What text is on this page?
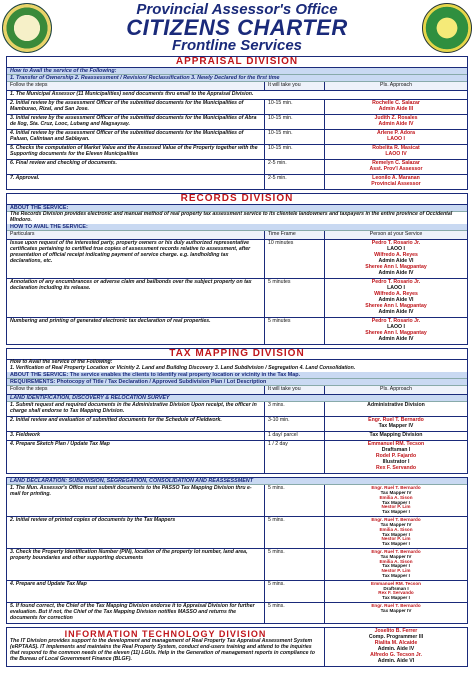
Provincial Assessor's Office
CITIZENS CHARTER
Frontline Services
APPRAISAL DIVISION
How to Avail the service of the Following:
1. Transfer of Ownership 2. Reassessment / Revision/ Reclassification 3. Newly Declared for the first time
Follow the steps	It will take you	Pls. Approach
1. The Municipal Assessor (11 Municipalities) send documents thru email to the Appraisal Division.
2. Initial review by the assessment Officer of the submitted documents for the Municipalities of Mamburao, Rizal, and San Jose.
10-15 min.	Rochelle C. Salazar
Admin Aide III
3. Initial review by the assessment Officer of the submitted documents for the Municipalities of Abra de Ilog, Sta. Cruz, Looc, Lubang and Magsaysay.
10-15 min.	Judith Z. Rosales
Admin Aide IV
4. Initial review by the assessment Officer of the submitted documents for the Municipalities of Paluan, Calintaan and Sablayan.
10-15 min.	Arlene P. Adora
LAOO I
5. Checks the computation of Market Value and the Assessed Value of the Property together with the Supporting documents for the Eleven Municipalities
10-15 min.	Robelita R. Masicat
LAOO IV
6. Final review and checking of documents.	2-5 min.	Remelyn C. Salazar
Asst. Prov'l Assessor
7. Approval.	2-5 min.	Leonilo A. Maranan
Provincial Assessor
RECORDS DIVISION
ABOUT THE SERVICE:
The Records Division provides electronic and manual method of real property tax assessment service to its clientele landowners and taxpayers in the entire province of Occidental Mindoro.
HOW TO AVAIL THE SERVICE:
Particulars	Time Frame	Person at your Service
Issue upon request of the interested party, property owners or his duly authorized representative certificates pertaining to certified true copies of assessment records relative to assessment, after presentation of official receipt indicating payment of service charge. e.g. landholding tax declarations, etc.
10 minutes	Pedro T. Rosario Jr.
LAOO I
Wilfredo A. Reyes
Admin Aide VI
Sheree Ann I. Magpantay
Admin Aide IV
Annotation of any encumbrances or adverse claim and bailbonds over the subject property on tax declaration including its release.
5 minutes	Pedro T. Rosario Jr.
LAOO I
Wilfredo A. Reyes
Admin Aide VI
Sheree Ann I. Magpantay
Admin Aide IV
Numbering and printing of generated electronic tax declaration of real properties.	5 minutes	Pedro T. Rosario Jr.
LAOO I
Sheree Ann I. Magpantay
Admin Aide IV
TAX MAPPING DIVISION
How to Avail the service of the Following:
1. Verification of Real Property Location or Vicinity 2. Land and Building Discovery 3. Land Subdivision / Segregation 4. Land Consolidation.
ABOUT THE SERVICE: The service enables the clients to identify real property location or vicinity in the Tax Map.
REQUIREMENTS: Photocopy of Title / Tax Declaration / Approved Subdivision Plan / Lot Description
Follow the steps	It will take you	Pls. Approach
LAND IDENTIFICATION, DISCOVERY & RELOCATION SURVEY
1. Submit request and required documents in the Administrative Division Upon receipt, the officer in charge shall endorse to Tax Mapping Division.
3 mins.	Administrative Division
2. Initial review and evaluation of submitted documents for the Schedule of Fieldwork.	3-10 min.	Engr. Ruel T. Bernardo
Tax Mapper IV
3. Fieldwork	1 day/ parcel	Tax Mapping Division
4. Prepare Sketch Plan / Update Tax Map	1 / 2 day	Emmanuel RM. Tecson
Draftsman I
Rodel P. Fajardo
Illustrator I
Rex F. Servando
LAND DECLARATION: SUBDIVISION, SEGREGATION, CONSOLIDATION AND REASSESSMENT
1. The Mun. Assessor's Office must submit documents to the PASSO Tax Mapping Division thru e-mail for printing.
5 mins.	Engr. Ruel T. Bernardo
Tax Mapper IV
Emilia A. Sison
Tax Mapper I
Nestor P. Lim
Tax Mapper I
2. Initial review of printed copies of documents by the Tax Mappers	5 mins.	Engr. Ruel T. Bernardo
Tax Mapper IV
Emilia A. Sison
Tax Mapper I
Nestor P. Lim
Tax Mapper I
3. Check the Property Identification Number (PIN), location of the property lot number, land area, property boundaries and other supporting documents
5 mins.	Engr. Ruel T. Bernardo
Tax Mapper IV
Emilia A. Sison
Tax Mapper I
Nestor P. Lim
Tax Mapper I
4. Prepare and Update Tax Map	5 mins.	Emmanuel RM. Tecson
Draftsman I
Rex F. Servando
Tax Mapper I
5. If found correct, the Chief of the Tax Mapping Division endorse it to Appraisal Division for further evaluation. But if not, the Chief of the Tax Mapping Division notifies MASSO and returns the documents for correction
5 mins.	Engr. Ruel T. Bernardo
Tax Mapper IV
INFORMATION TECHNOLOGY DIVISION
The IT Division provides support to the development and management of Real Property Tax Appraisal Assessment System (eRPTAAS). IT implements and maintains the Real Property System, conduct end-users training and attend to the inquiries that respond to the common needs of the eleven (11) LGUs. Help in the Generation of management reports in compliance to the Bureau of Local Government Finance (BLGF).
Joselito B. Ferrer
Comp. Programmer III
Rialita M. Alcaide
Admin. Aide IV
Alfredo G. Tecson Jr.
Admin. Aide VI
